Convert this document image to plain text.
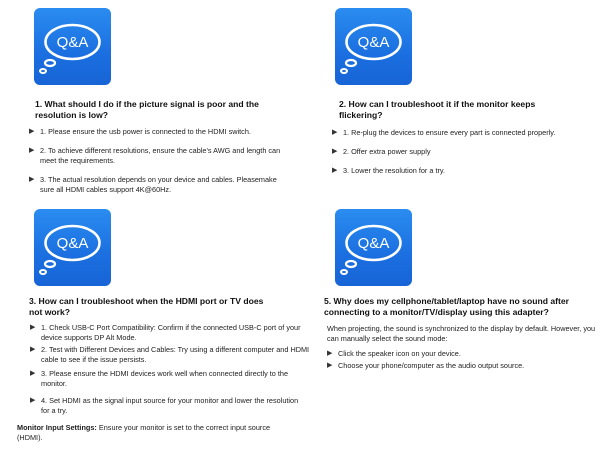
Q&A
1. What should I do if the picture signal is poor and the resolution is low?
▶ 1. Please ensure the usb power is connected to the HDMI switch.
▶ 2. To achieve different resolutions, ensure the cable's AWG and length can meet the requirements.
▶ 3. The actual resolution depends on your device and cables. Pleasemake sure all HDMI cables support 4K@60Hz.
Q&A
2. How can I troubleshoot it if the monitor keeps flickering?
▶ 1. Re-plug the devices to ensure every part is connected properly.
▶ 2. Offer extra power supply
▶ 3. Lower the resolution for a try.
Q&A
3. How can I troubleshoot when the HDMI port or TV does not work?
▶ 1. Check USB-C Port Compatibility: Confirm if the connected USB-C port of your device supports DP Alt Mode.
▶ 2. Test with Different Devices and Cables: Try using a different computer and HDMI cable to see if the issue persists.
▶ 3. Please ensure the HDMI devices work well when connected directly to the monitor.
▶ 4. Set HDMI as the signal input source for your monitor and lower the resolution for a try.
Monitor Input Settings: Ensure your monitor is set to the correct input source (HDMI).
Q&A
5. Why does my cellphone/tablet/laptop have no sound after connecting to a monitor/TV/display using this adapter?
When projecting, the sound is synchronized to the display by default. However, you can manually select the sound mode:
▶ Click the speaker icon on your device.
▶ Choose your phone/computer as the audio output source.
